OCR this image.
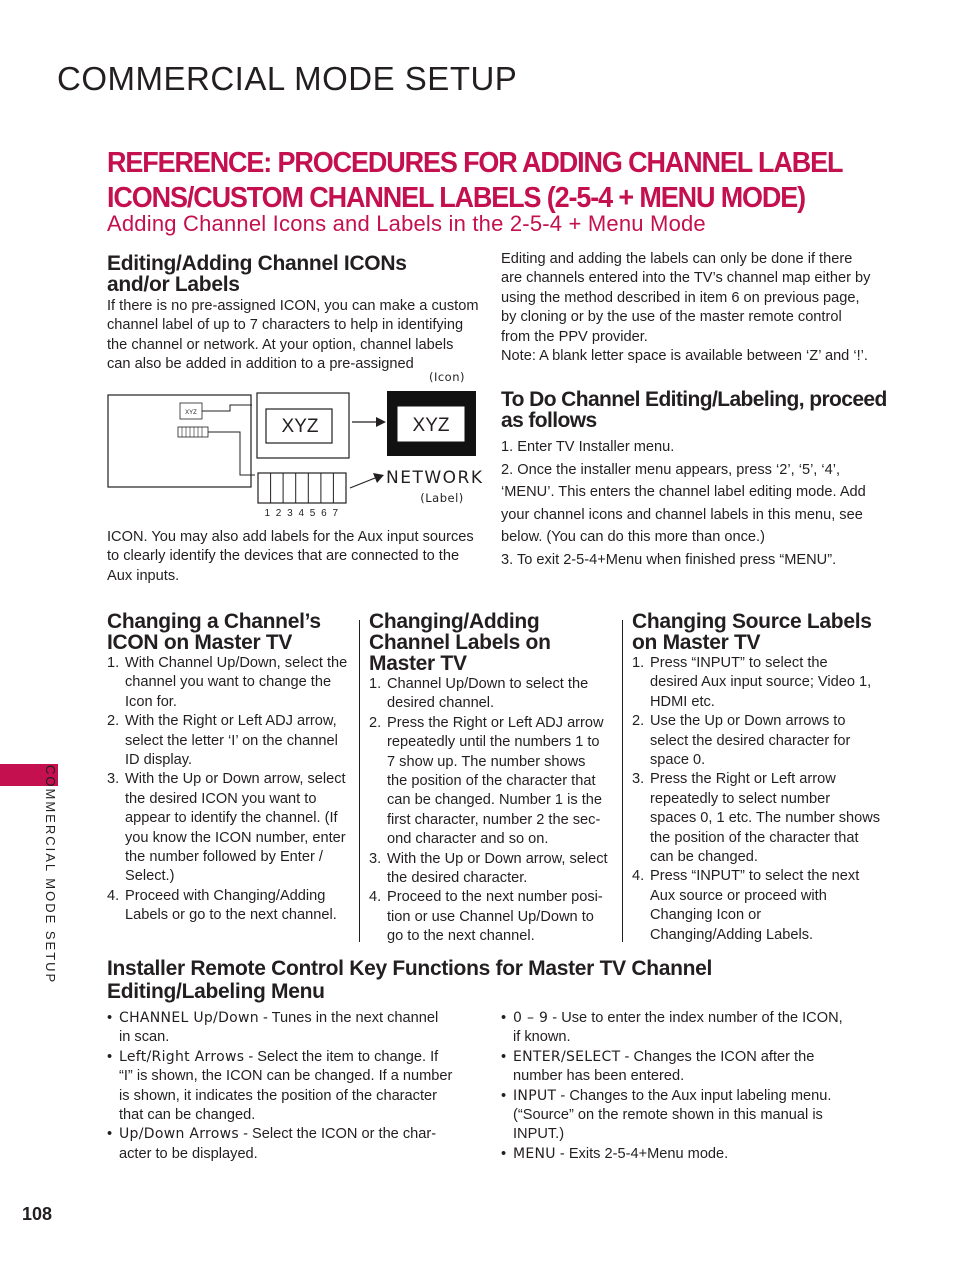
COMMERCIAL MODE SETUP
REFERENCE: PROCEDURES FOR ADDING CHANNEL LABEL
ICONS/CUSTOM CHANNEL LABELS (2-5-4 + MENU MODE)
Adding Channel Icons and Labels in the 2-5-4 + Menu Mode
Editing/Adding Channel ICONs
and/or Labels
If there is no pre-assigned ICON, you can make a custom
channel label of up to 7 characters to help in identifying
the channel or network. At your option, channel labels
can also be added in addition to a pre-assigned
XYZ
XYZ	XYZ
(Icon)
1 2 3 4 5 6 7
NETWORK
(Label)
ICON. You may also add labels for the Aux input sources
to clearly identify the devices that are connected to the
Aux inputs.
Editing and adding the labels can only be done if there
are channels entered into the TV’s channel map either by
using the method described in item 6 on previous page,
by cloning or by the use of the master remote control
from the PPV provider.
Note: A blank letter space is available between ‘Z’ and ‘!’.
To Do Channel Editing/Labeling, proceed
as follows
1. Enter TV Installer menu.
2. Once the installer menu appears, press ‘2’, ‘5’, ‘4’,
‘MENU’. This enters the channel label editing mode. Add
your channel icons and channel labels in this menu, see
below. (You can do this more than once.)
3. To exit 2-5-4+Menu when finished press “MENU”.
Changing a Channel’s
ICON on Master TV
1. With Channel Up/Down, select the
channel you want to change the
Icon for.
2. With the Right or Left ADJ arrow,
select the letter ‘I’ on the channel
ID display.
3. With the Up or Down arrow, select
the desired ICON you want to
appear to identify the channel. (If
you know the ICON number, enter
the number followed by Enter /
Select.)
4. Proceed with Changing/Adding
Labels or go to the next channel.
Changing/Adding
Channel Labels on
Master TV
1. Channel Up/Down to select the
desired channel.
2. Press the Right or Left ADJ arrow
repeatedly until the numbers 1 to
7 show up. The number shows
the position of the character that
can be changed. Number 1 is the
first character, number 2 the sec-
ond character and so on.
3. With the Up or Down arrow, select
the desired character.
4. Proceed to the next number posi-
tion or use Channel Up/Down to
go to the next channel.
Changing Source Labels
on Master TV
1. Press “INPUT” to select the
desired Aux input source; Video 1,
HDMI etc.
2. Use the Up or Down arrows to
select the desired character for
space 0.
3. Press the Right or Left arrow
repeatedly to select number
spaces 0, 1 etc. The number shows
the position of the character that
can be changed.
4. Press “INPUT” to select the next
Aux source or proceed with
Changing Icon or
Changing/Adding Labels.
Installer Remote Control Key Functions for Master TV Channel
Editing/Labeling Menu
• CHANNEL Up/Down - Tunes in the next channel
in scan.
• Left/Right Arrows - Select the item to change. If
“I” is shown, the ICON can be changed. If a number
is shown, it indicates the position of the character
that can be changed.
• Up/Down Arrows - Select the ICON or the char-
acter to be displayed.
• 0 – 9 - Use to enter the index number of the ICON,
if known.
• ENTER/SELECT - Changes the ICON after the
number has been entered.
• INPUT - Changes to the Aux input labeling menu.
(“Source” on the remote shown in this manual is
INPUT.)
• MENU - Exits 2-5-4+Menu mode.
COMMERCIAL MODE SETUP
108
